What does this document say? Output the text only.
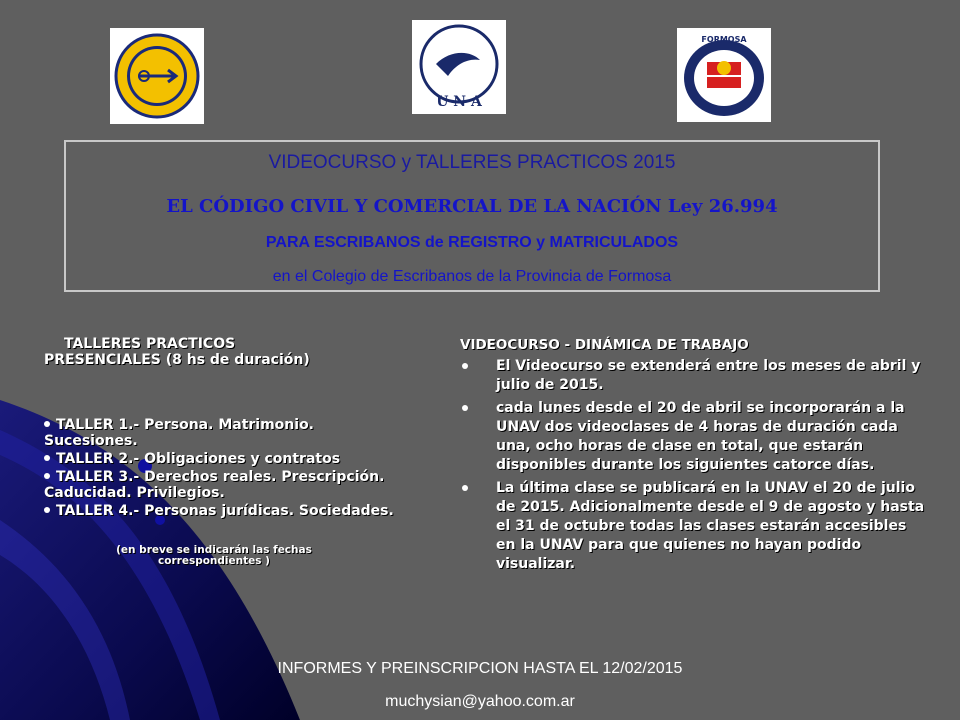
U N A
FORMOSA
VIDEOCURSO y TALLERES PRACTICOS 2015
EL CÓDIGO CIVIL Y COMERCIAL DE LA NACIÓN Ley 26.994
PARA ESCRIBANOS de REGISTRO y MATRICULADOS
en el Colegio de Escribanos de la Provincia de Formosa
TALLERES PRACTICOS
PRESENCIALES (8 hs de duración)
TALLER 1.- Persona. Matrimonio. Sucesiones.
TALLER 2.- Obligaciones y contratos
TALLER 3.- Derechos reales. Prescripción. Caducidad. Privilegios.
TALLER 4.- Personas jurídicas. Sociedades.
(en breve se indicarán las fechas correspondientes )
VIDEOCURSO - DINÁMICA DE TRABAJO
El Videocurso se extenderá entre los meses de abril y julio de 2015.
cada lunes desde el 20 de abril se incorporarán a la UNAV dos videoclases de 4 horas de duración cada una, ocho horas de clase en total, que estarán disponibles durante los siguientes catorce días.
La última clase se publicará en la UNAV el 20 de julio de 2015. Adicionalmente desde el 9 de agosto y hasta el 31 de octubre todas las clases estarán accesibles en la UNAV para que quienes no hayan podido visualizar.
INFORMES Y PREINSCRIPCION HASTA EL 12/02/2015
muchysian@yahoo.com.ar
